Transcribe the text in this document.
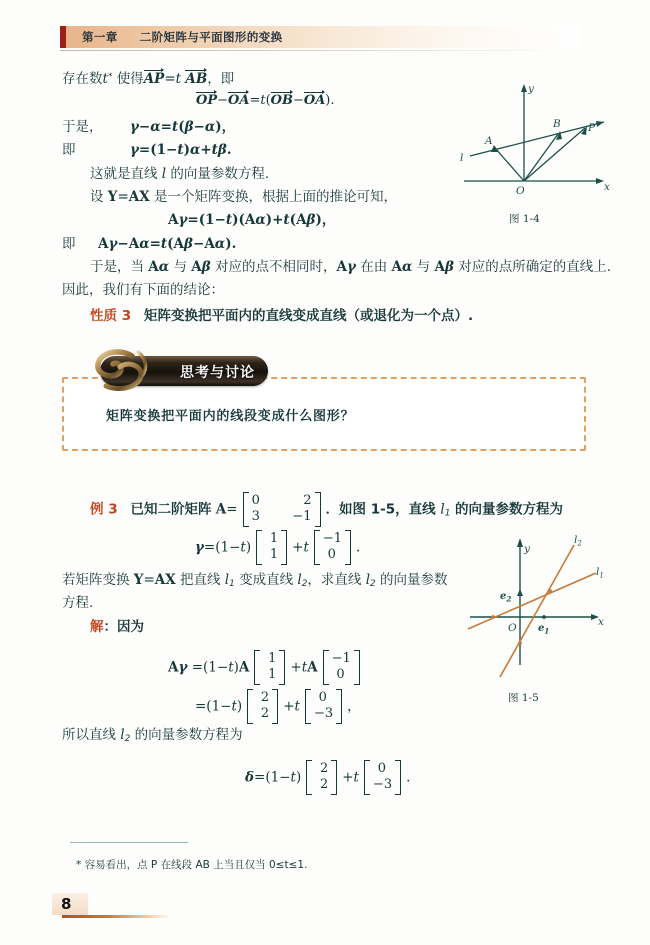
第一章 二阶矩阵与平面图形的变换
存在数t* 使得AP=t AB，即
OP−OA=t(OB−OA).
于是， γ−α=t(β−α)，
即	γ=(1−t)α+tβ.
这就是直线 l 的向量参数方程.
设 Y=AX 是一个矩阵变换，根据上面的推论可知，
Aγ=(1−t)(Aα)+t(Aβ)，
即 Aγ−Aα=t(Aβ−Aα).
于是，当 Aα 与 Aβ 对应的点不相同时，Aγ 在由 Aα 与 Aβ 对应的点所确定的直线上.
因此，我们有下面的结论：
性质 3 矩阵变换把平面内的直线变成直线（或退化为一个点）.
A
B	P
l
O	x
y
图 1-4
思考与讨论
矩阵变换把平面内的线段变成什么图形？
例 3 已知二阶矩阵 A=
0	2
3	−1 ．如图 1-5，直线 $l_1$ 的向量参数方程为
γ=(1−t)
1
1 +t
−1
0 .
若矩阵变换 Y=AX 把直线 $l_1$ 变成直线 $l_2$，求直线 $l_2$ 的向量参数
方程.
解：因为
Aγ =(1−t)A
1
1 +tA
−1
0
=(1−t)
2
2 +t
0
−3 ，
所以直线 $l_2$ 的向量参数方程为
δ=(1−t)
2
2 +t
0
−3 .
$l_2$
$l_1$
$e_2$
$e_1$
O	x
y
图 1-5
* 容易看出，点 P 在线段 AB 上当且仅当 0≤t≤1.
8
